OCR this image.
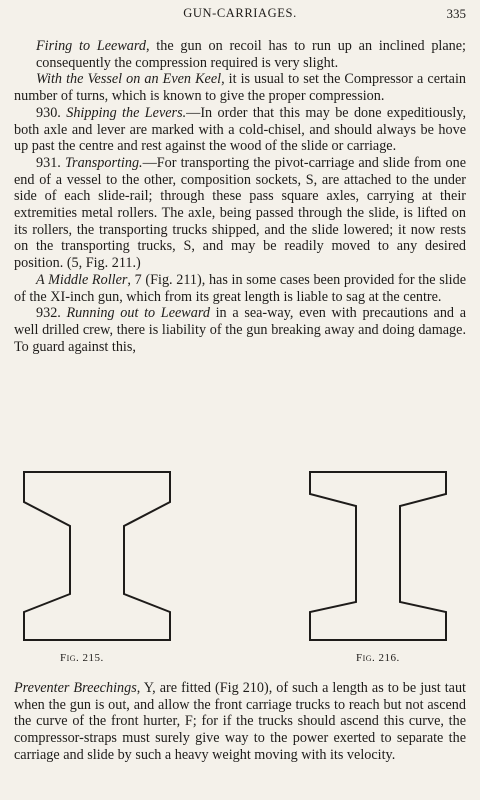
GUN-CARRIAGES.	335

Firing to Leeward, the gun on recoil has to run up an inclined plane; consequently the compression required is very slight.

With the Vessel on an Even Keel, it is usual to set the Compressor a certain number of turns, which is known to give the proper compression.

930. Shipping the Levers.—In order that this may be done expeditiously, both axle and lever are marked with a cold-chisel, and should always be hove up past the centre and rest against the wood of the slide or carriage.

931. Transporting.—For transporting the pivot-carriage and slide from one end of a vessel to the other, composition sockets, S, are attached to the under side of each slide-rail; through these pass square axles, carrying at their extremities metal rollers. The axle, being passed through the slide, is lifted on its rollers, the transporting trucks shipped, and the slide lowered; it now rests on the transporting trucks, S, and may be readily moved to any desired position. (5, Fig. 211.)

A Middle Roller, 7 (Fig. 211), has in some cases been provided for the slide of the XI-inch gun, which from its great length is liable to sag at the centre.

932. Running out to Leeward in a sea-way, even with precautions and a well drilled crew, there is liability of the gun breaking away and doing damage. To guard against this,

Fig. 215.	Fig. 216.

Preventer Breechings, Y, are fitted (Fig 210), of such a length as to be just taut when the gun is out, and allow the front carriage trucks to reach but not ascend the curve of the front hurter, F; for if the trucks should ascend this curve, the compressor-straps must surely give way to the power exerted to separate the carriage and slide by such a heavy weight moving with its velocity.
